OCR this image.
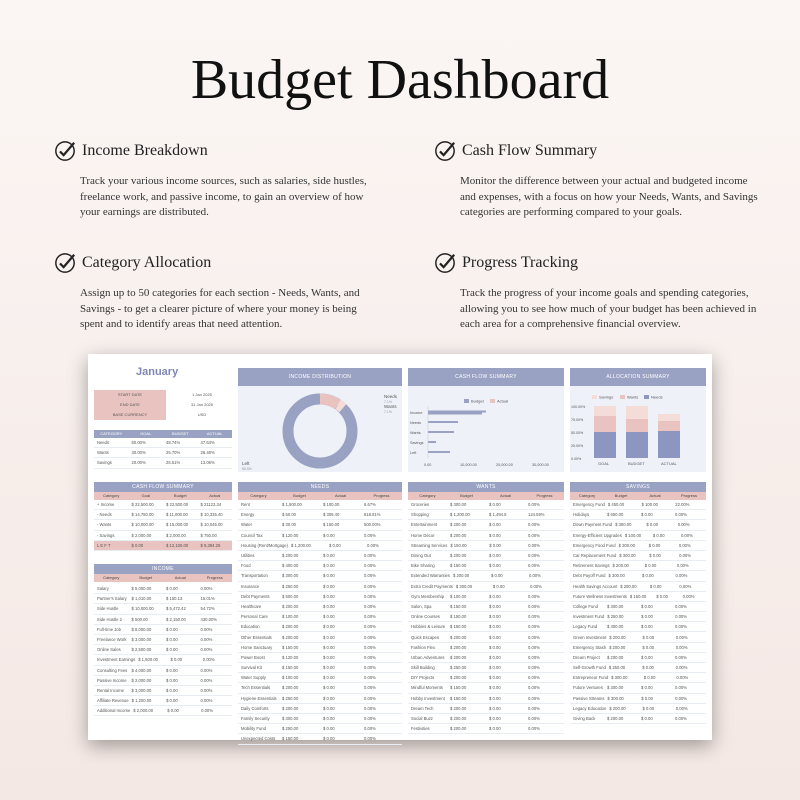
Budget Dashboard
Income Breakdown
Track your various income sources, such as salaries, side hustles, freelance work, and passive income, to gain an overview of how your earnings are distributed.
Cash Flow Summary
Monitor the difference between your actual and budgeted income and expenses, with a focus on how your Needs, Wants, and Savings categories are performing compared to your goals.
Category Allocation
Assign up to 50 categories for each section - Needs, Wants, and Savings - to get a clearer picture of where your money is being spent and to identify areas that need attention.
Progress Tracking
Track the progress of your income goals and spending categories, allowing you to see how much of your budget has been achieved in each area for a comprehensive financial overview.
January
START DATE	1 Jan 2025
END DATE	31 Jan 2025
BASE CURRENCY	USD
CATEGORY	GOAL	BUDGET	ACTUAL
Needs	50.00%	48.74%	47.64%
Wants	30.00%	25.70%	26.46%
Savings	20.00%	25.51%	13.06%
INCOME DISTRIBUTION
Needs
7.1%
Wants
7.1%
Left
86.5%
CASH FLOW SUMMARY
Budget	Actual
Income
Needs
Wants
Savings
Left
0.00	10,000.00	20,000.00	30,000.00
ALLOCATION SUMMARY
Savings	Wants	Needs
100.00%
75.00%
50.00%
25.00%
0.00%
GOAL	BUDGET	ACTUAL
CASH FLOW SUMMARY
Category	Goal	Budget	Actual
+ Income	$ 22,500.00	$ 22,500.00	$ 21123.34
- Needs	$ 14,750.00	$ 11,000.00	$ 10,335.40
- Wants	$ 10,000.00	$ 15,000.00	$ 10,045.00
- Savings	$ 2,000.00	$ 2,000.00	$ 750.00
L E F T	$ 0.00	$ 12,100.00	$ 9,394.25
INCOME
Category	Budget	Actual	Progress
Salary	$ 5,000.00	$ 0.00	0.00%
Partner's Salary	$ 1,010.00	$ 150.13	15.01%
Side Hustle	$ 10,000.00	$ 5,472.42	54.72%
Side Hustle 2	$ 500.00	$ 2,150.00	430.00%
Full-time Job	$ 8,000.00	$ 0.00	0.00%
Freelance Work	$ 3,000.00	$ 0.00	0.00%
Online Sales	$ 2,500.00	$ 0.00	0.00%
Investment Earnings $ 1,500.00	$ 0.00	0.00%
Consulting Fees	$ 4,000.00	$ 0.00	0.00%
Passive Income	$ 2,000.00	$ 0.00	0.00%
Rental Income	$ 3,000.00	$ 0.00	0.00%
Affiliate Revenue $ 1,200.00	$ 0.00	0.00%
Additional Income $ 2,000.00	$ 0.00	0.00%
NEEDS
Category	Budget	Actual	Progress
Rent	$ 1,500.00	$ 100.00	6.67%
Energy	$ 50.00	$ 309.40	618.81%
Water	$ 30.00	$ 150.00	500.00%
Council Tax	$ 120.00	$ 0.00	0.00%
Housing (Rent/Mortgage) $ 1,200.00	$ 0.00	0.00%
Utilities	$ 200.00	$ 0.00	0.00%
Food	$ 400.00	$ 0.00	0.00%
Transportation	$ 300.00	$ 0.00	0.00%
Insurance	$ 250.00	$ 0.00	0.00%
Debt Payments	$ 500.00	$ 0.00	0.00%
Healthcare	$ 200.00	$ 0.00	0.00%
Personal Care	$ 100.00	$ 0.00	0.00%
Education	$ 200.00	$ 0.00	0.00%
Other Essentials	$ 200.00	$ 0.00	0.00%
Home Sanctuary	$ 150.00	$ 0.00	0.00%
Power Boost	$ 120.00	$ 0.00	0.00%
Survival Kit	$ 150.00	$ 0.00	0.00%
Water Supply	$ 100.00	$ 0.00	0.00%
Tech Essentials	$ 200.00	$ 0.00	0.00%
Hygiene Essentials	$ 250.00	$ 0.00	0.00%
Daily Comforts	$ 200.00	$ 0.00	0.00%
Family Security	$ 300.00	$ 0.00	0.00%
Mobility Fund	$ 250.00	$ 0.00	0.00%
Unexpected Costs	$ 150.00	$ 0.00	0.00%
WANTS
Category	Budget	Actual	Progress
Groceries	$ 300.00	$ 0.00	0.00%
Shopping	$ 1,200.00	$ 1,494.5	124.59%
Entertainment	$ 200.00	$ 0.00	0.00%
Home Décor	$ 200.00	$ 0.00	0.00%
Streaming Services $ 150.00	$ 0.00	0.00%
Dining Out	$ 200.00	$ 0.00	0.00%
Bike Sharing	$ 150.00	$ 0.00	0.00%
Extended Warranties $ 200.00	$ 0.00	0.00%
Extra Credit Payments $ 300.00	$ 0.00	0.00%
Gym Membership	$ 100.00	$ 0.00	0.00%
Salon, Spa	$ 150.00	$ 0.00	0.00%
Online Courses	$ 150.00	$ 0.00	0.00%
Hobbies & Leisure	$ 150.00	$ 0.00	0.00%
Quick Escapes	$ 200.00	$ 0.00	0.00%
Fashion Flex	$ 200.00	$ 0.00	0.00%
Urban Adventures	$ 200.00	$ 0.00	0.00%
Skill Building	$ 250.00	$ 0.00	0.00%
DIY Projects	$ 200.00	$ 0.00	0.00%
Mindful Moments	$ 150.00	$ 0.00	0.00%
Hobby Investment	$ 150.00	$ 0.00	0.00%
Dream Tech	$ 200.00	$ 0.00	0.00%
Social Buzz	$ 200.00	$ 0.00	0.00%
Festivities	$ 200.00	$ 0.00	0.00%
SAVINGS
Category	Budget	Actual	Progress
Emergency Fund $ 450.00	$ 100.00	22.00%
Holidays	$ 650.00	$ 0.00	0.00%
Down Payment Fund $ 300.00	$ 0.00	0.00%
Energy-Efficient Upgrades $ 100.00	$ 0.00	0.00%
Emergency Food Fund $ 200.00	$ 0.00	0.00%
Car Replacement Fund $ 300.00	$ 0.00	0.00%
Retirement Savings $ 200.00	$ 0.00	0.00%
Debt Payoff Fund $ 300.00	$ 0.00	0.00%
Health Savings Account $ 200.00	$ 0.00	0.00%
Future Wellness Investments $ 150.00	$ 0.00	0.00%
College Fund	$ 300.00	$ 0.00	0.00%
Investment Fund $ 250.00	$ 0.00	0.00%
Legacy Fund	$ 400.00	$ 0.00	0.00%
Green Investment $ 200.00	$ 0.00	0.00%
Emergency Stash $ 200.00	$ 0.00	0.00%
Dream Project	$ 200.00	$ 0.00	0.00%
Self-Growth Fund $ 250.00	$ 0.00	0.00%
Entrepreneur Fund $ 300.00	$ 0.00	0.00%
Future Ventures	$ 300.00	$ 0.00	0.00%
Passive Streams $ 300.00	$ 0.00	0.00%
Legacy Education $ 200.00	$ 0.00	0.00%
Giving Back	$ 200.00	$ 0.00	0.00%
